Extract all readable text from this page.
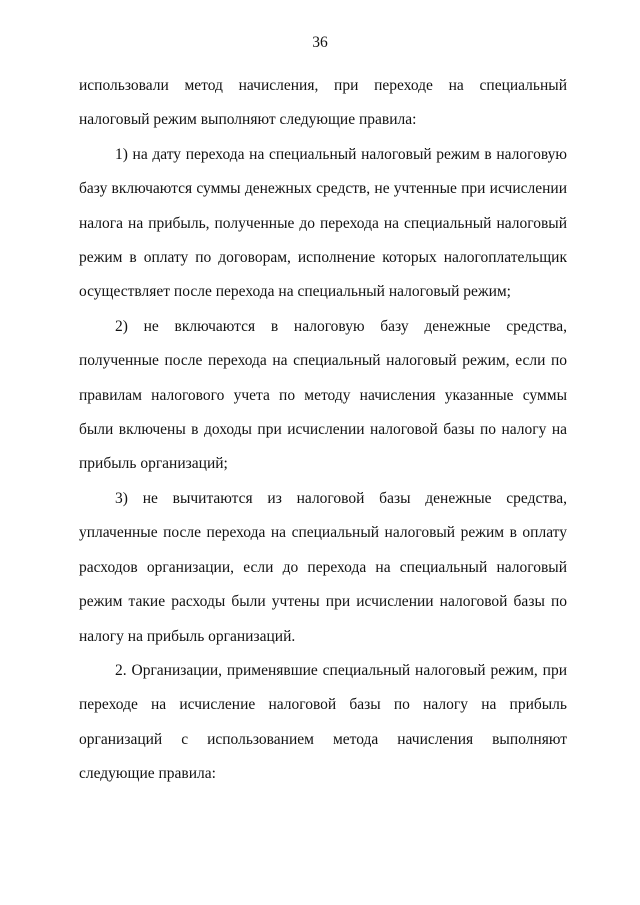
36

использовали метод начисления, при переходе на специальный налоговый режим выполняют следующие правила:

1) на дату перехода на специальный налоговый режим в налоговую базу включаются суммы денежных средств, не учтенные при исчислении налога на прибыль, полученные до перехода на специальный налоговый режим в оплату по договорам, исполнение которых налогоплательщик осуществляет после перехода на специальный налоговый режим;

2) не включаются в налоговую базу денежные средства, полученные после перехода на специальный налоговый режим, если по правилам налогового учета по методу начисления указанные суммы были включены в доходы при исчислении налоговой базы по налогу на прибыль организаций;

3) не вычитаются из налоговой базы денежные средства, уплаченные после перехода на специальный налоговый режим в оплату расходов организации, если до перехода на специальный налоговый режим такие расходы были учтены при исчислении налоговой базы по налогу на прибыль организаций.

2. Организации, применявшие специальный налоговый режим, при переходе на исчисление налоговой базы по налогу на прибыль организаций с использованием метода начисления выполняют следующие правила:
